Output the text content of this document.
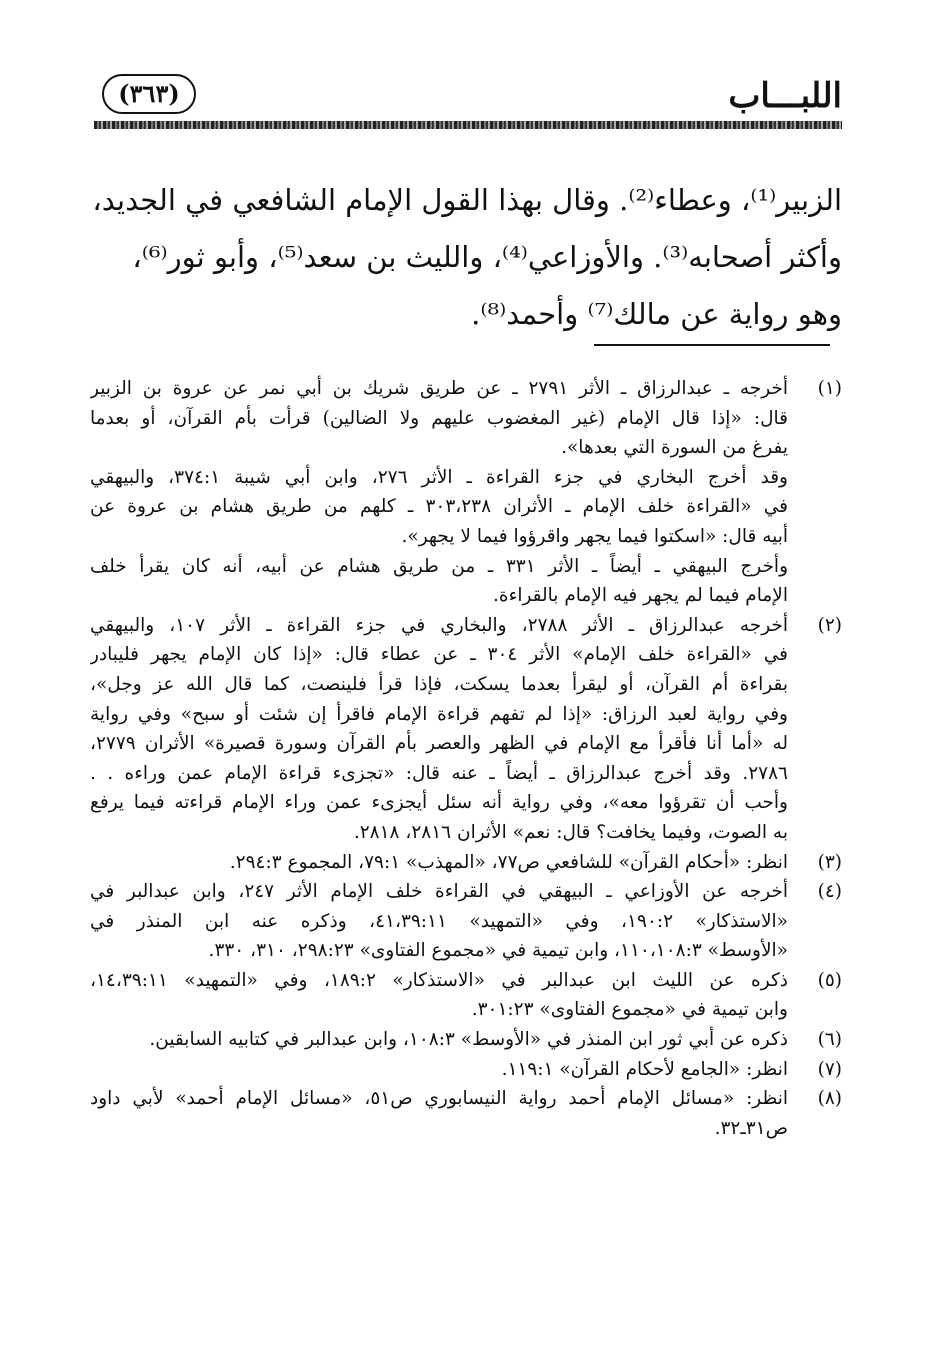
اللبـــاب
(٣٦٣)
الزبير⁽¹⁾، وعطاء⁽²⁾. وقال بهذا القول الإمام الشافعي في الجديد،
وأكثر أصحابه⁽³⁾. والأوزاعي⁽⁴⁾، والليث بن سعد⁽⁵⁾، وأبو ثور⁽⁶⁾،
وهو رواية عن مالك⁽⁷⁾ وأحمد⁽⁸⁾.
(١)
أخرجه ـ عبدالرزاق ـ الأثر ٢٧٩١ ـ عن طريق شريك بن أبي نمر عن عروة بن الزبير
قال: «إذا قال الإمام (غير المغضوب عليهم ولا الضالين) قرأت بأم القرآن، أو بعدما
يفرغ من السورة التي بعدها».
وقد أخرج البخاري في جزء القراءة ـ الأثر ٢٧٦، وابن أبي شيبة ٣٧٤:١، والبيهقي
في «القراءة خلف الإمام ـ الأثران ٣٠٣،٢٣٨ ـ كلهم من طريق هشام بن عروة عن
أبيه قال: «اسكتوا فيما يجهر واقرؤوا فيما لا يجهر».
وأخرج البيهقي ـ أيضاً ـ الأثر ٣٣١ ـ من طريق هشام عن أبيه، أنه كان يقرأ خلف
الإمام فيما لم يجهر فيه الإمام بالقراءة.
(٢)
أخرجه عبدالرزاق ـ الأثر ٢٧٨٨، والبخاري في جزء القراءة ـ الأثر ١٠٧، والبيهقي
في «القراءة خلف الإمام» الأثر ٣٠٤ ـ عن عطاء قال: «إذا كان الإمام يجهر فليبادر
بقراءة أم القرآن، أو ليقرأ بعدما يسكت، فإذا قرأ فلينصت، كما قال الله عز وجل»،
وفي رواية لعبد الرزاق: «إذا لم تفهم قراءة الإمام فاقرأ إن شئت أو سبح» وفي رواية
له «أما أنا فأقرأ مع الإمام في الظهر والعصر بأم القرآن وسورة قصيرة» الأثران ٢٧٧٩،
٢٧٨٦. وقد أخرج عبدالرزاق ـ أيضاً ـ عنه قال: «تجزىء قراءة الإمام عمن وراءه . .
وأحب أن تقرؤوا معه»، وفي رواية أنه سئل أيجزىء عمن وراء الإمام قراءته فيما يرفع
به الصوت، وفيما يخافت؟ قال: نعم» الأثران ٢٨١٦، ٢٨١٨.
(٣)
انظر: «أحكام القرآن» للشافعي ص٧٧، «المهذب» ٧٩:١، المجموع ٢٩٤:٣.
(٤)
أخرجه عن الأوزاعي ـ البيهقي في القراءة خلف الإمام الأثر ٢٤٧، وابن عبدالبر في
«الاستذكار» ١٩٠:٢، وفي «التمهيد» ٤١،٣٩:١١، وذكره عنه ابن المنذر في
«الأوسط» ١١٠،١٠٨:٣، وابن تيمية في «مجموع الفتاوى» ٢٩٨:٢٣، ٣١٠، ٣٣٠.
(٥)
ذكره عن الليث ابن عبدالبر في «الاستذكار» ١٨٩:٢، وفي «التمهيد» ١٤،٣٩:١١،
وابن تيمية في «مجموع الفتاوى» ٣٠١:٢٣.
(٦)
ذكره عن أبي ثور ابن المنذر في «الأوسط» ١٠٨:٣، وابن عبدالبر في كتابيه السابقين.
(٧)
انظر: «الجامع لأحكام القرآن» ١١٩:١.
(٨)
انظر: «مسائل الإمام أحمد رواية النيسابوري ص٥١، «مسائل الإمام أحمد» لأبي داود
ص٣١ـ٣٢.
